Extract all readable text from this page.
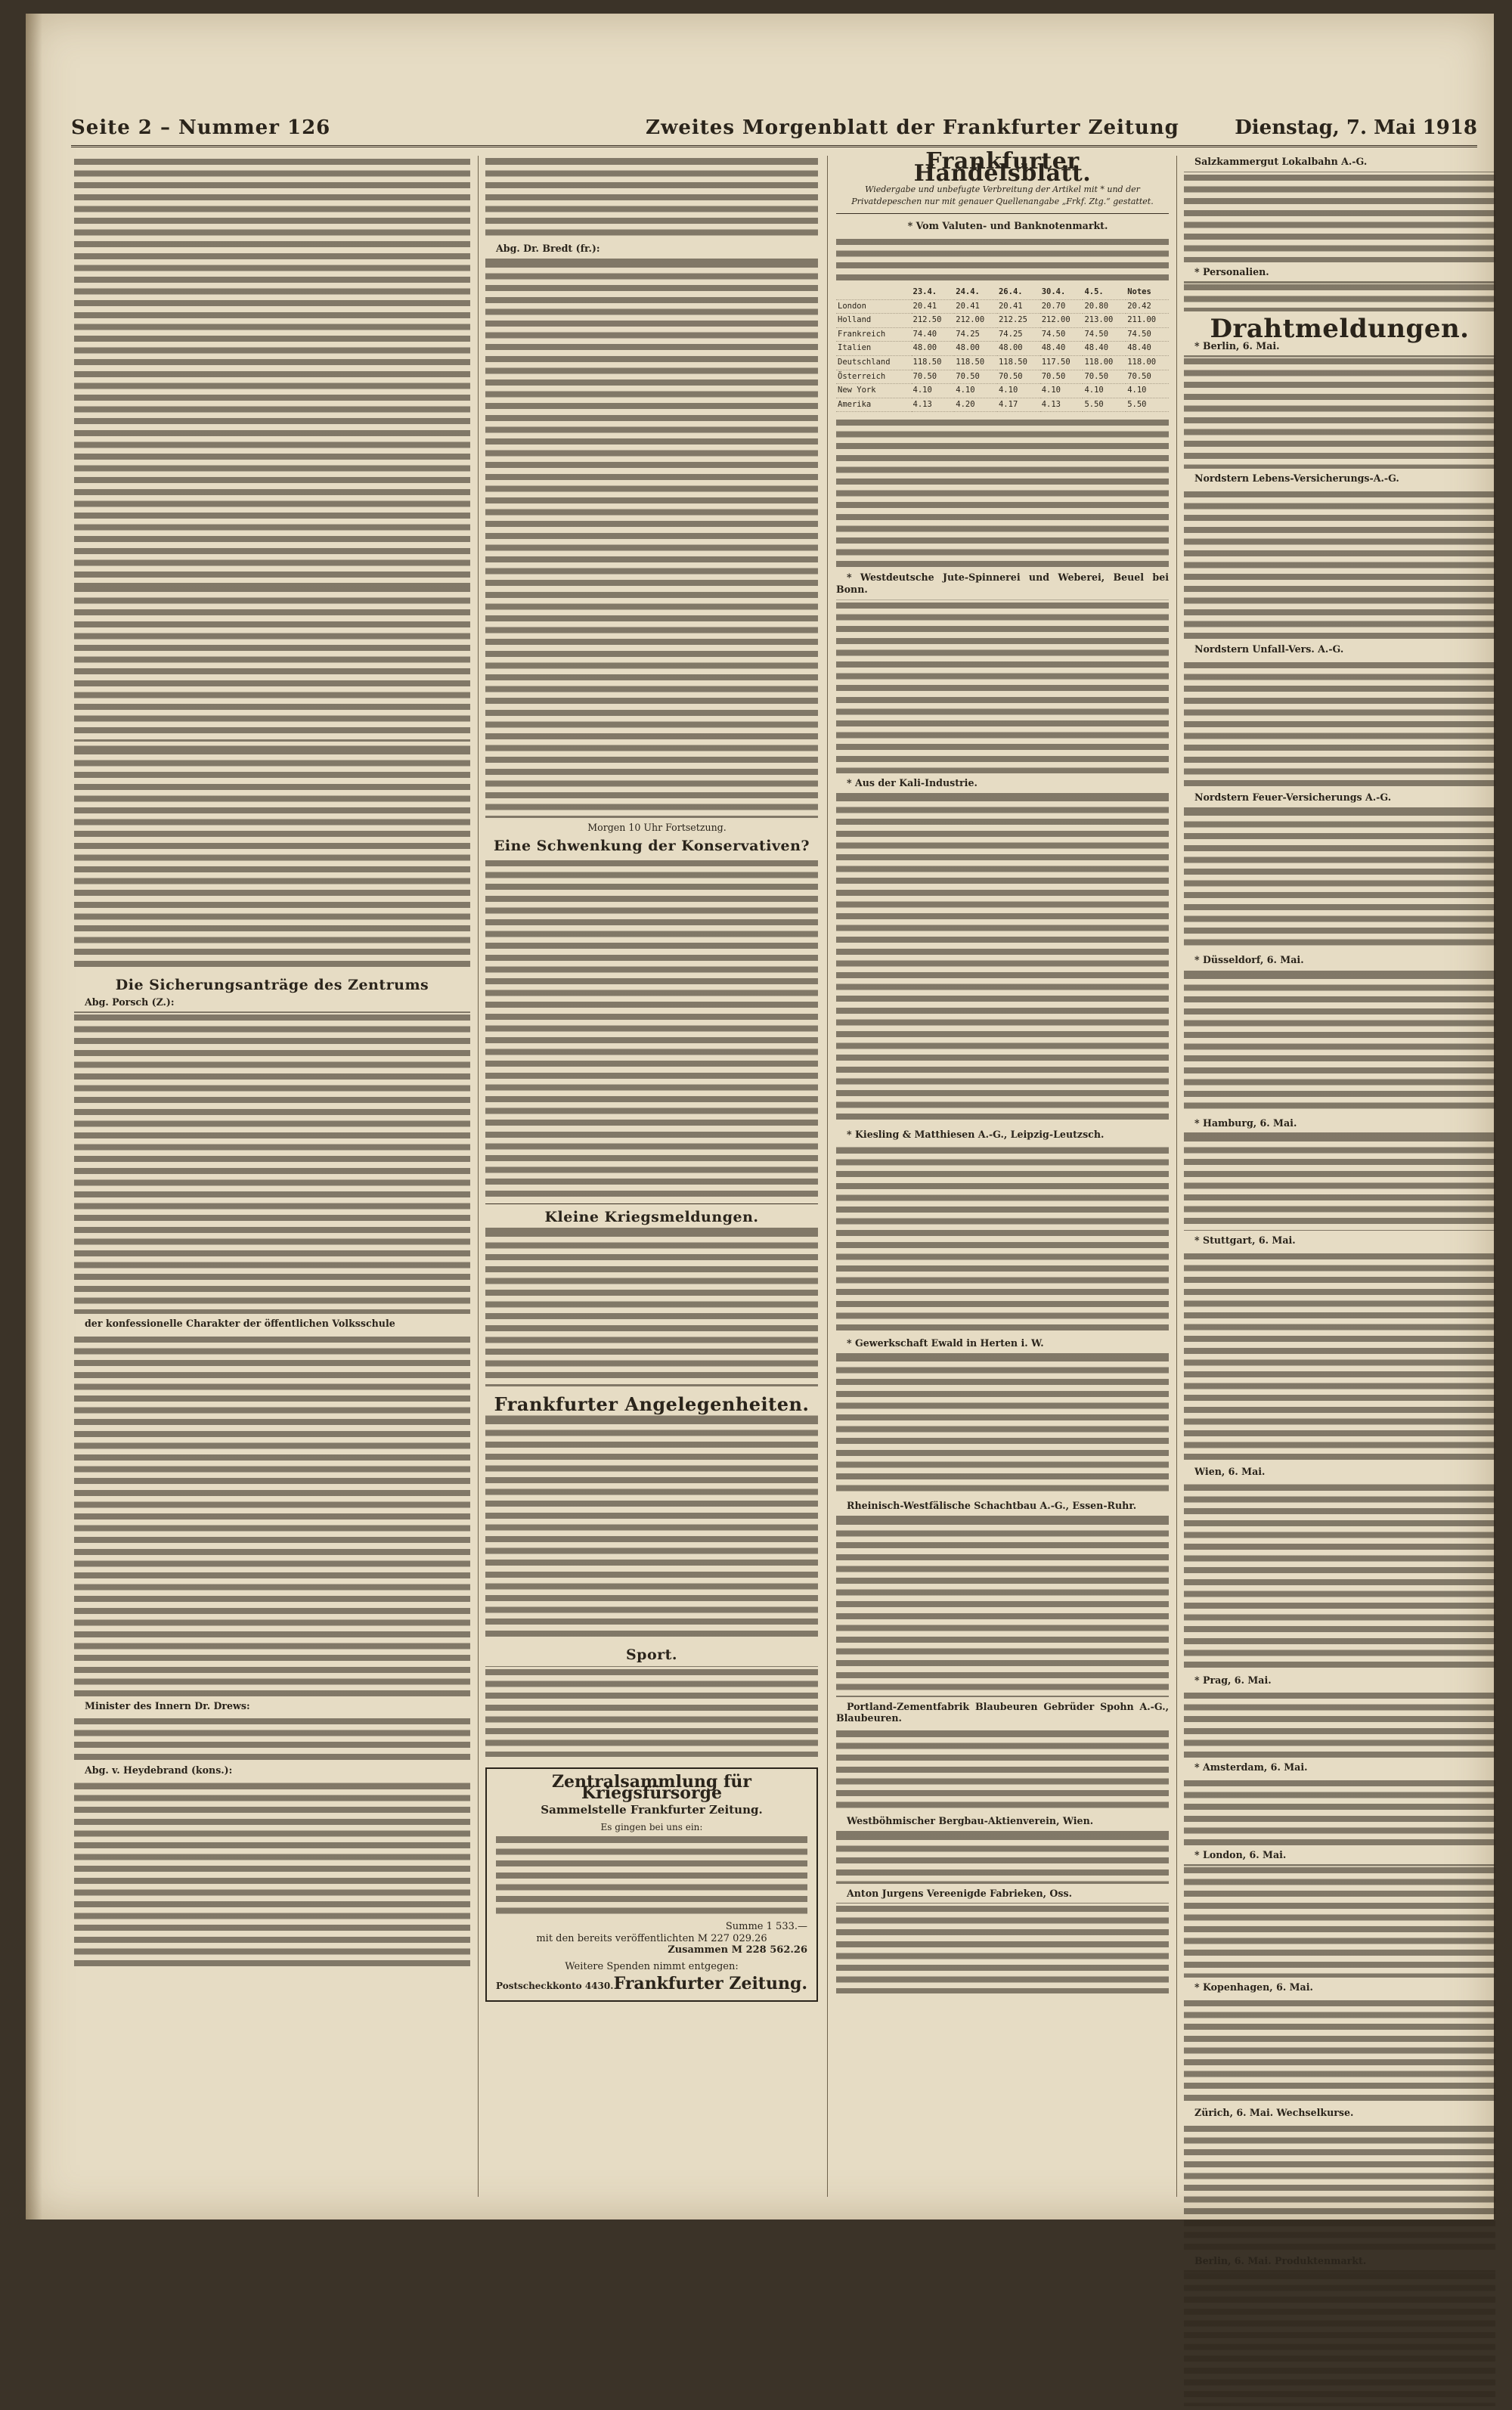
Seite 2 – Nummer 126	Zweites Morgenblatt der Frankfurter Zeitung	Dienstag, 7. Mai 1918

Die Sicherungsanträge des Zentrums

Abg. Porsch (Z.):

der konfessionelle Charakter der öffentlichen Volksschule

Minister des Innern Dr. Drews:

Abg. v. Heydebrand (kons.):

Abg. Dr. Bredt (fr.):

Morgen 10 Uhr Fortsetzung.

Eine Schwenkung der Konservativen?

Kleine Kriegsmeldungen.

Frankfurter Angelegenheiten.

Sport.

Zentralsammlung für Kriegsfürsorge
Sammelstelle Frankfurter Zeitung.
Es gingen bei uns ein:

Summe 1 533.—
mit den bereits veröffentlichten M 227 029.26
Zusammen M 228 562.26
Weitere Spenden nimmt entgegen:
Postscheckkonto 4430. Frankfurter Zeitung.
Frankfurter Handelsblatt.
Wiedergabe und unbefugte Verbreitung der Artikel mit * und der Privatdepeschen nur mit genauer Quellenangabe „Frkf. Ztg.“ gestattet.

* Vom Valuten- und Banknotenmarkt.

	23.4.	24.4.	26.4.	30.4.	4.5.	Notes
London	20.41	20.41	20.41	20.70	20.80	20.42
Holland	212.50	212.00	212.25	212.00	213.00	211.00
Frankreich	74.40	74.25	74.25	74.50	74.50	74.50
Italien	48.00	48.00	48.00	48.40	48.40	48.40
Deutschland	118.50	118.50	118.50	117.50	118.00	118.00
Österreich	70.50	70.50	70.50	70.50	70.50	70.50
New York	4.10	4.10	4.10	4.10	4.10	4.10
Amerika	4.13	4.20	4.17	4.13	5.50	5.50

* Westdeutsche Jute-Spinnerei und Weberei, Beuel bei Bonn.

* Aus der Kali-Industrie.

* Kiesling & Matthiesen A.-G., Leipzig-Leutzsch.

* Gewerkschaft Ewald in Herten i. W.

Rheinisch-Westfälische Schachtbau A.-G., Essen-Ruhr.

Portland-Zementfabrik Blaubeuren Gebrüder Spohn A.-G., Blaubeuren.

Westböhmischer Bergbau-Aktienverein, Wien.

Anton Jurgens Vereenigde Fabrieken, Oss.

Salzkammergut Lokalbahn A.-G.

* Personalien.

Drahtmeldungen.

* Berlin, 6. Mai.

Nordstern Lebens-Versicherungs-A.-G.

Nordstern Unfall-Vers. A.-G.

Nordstern Feuer-Versicherungs A.-G.

* Düsseldorf, 6. Mai.

* Hamburg, 6. Mai.

* Stuttgart, 6. Mai.

Wien, 6. Mai.

* Prag, 6. Mai.

* Amsterdam, 6. Mai.

* London, 6. Mai.

* Kopenhagen, 6. Mai.

Zürich, 6. Mai. Wechselkurse.

Berlin, 6. Mai. Produktenmarkt.
